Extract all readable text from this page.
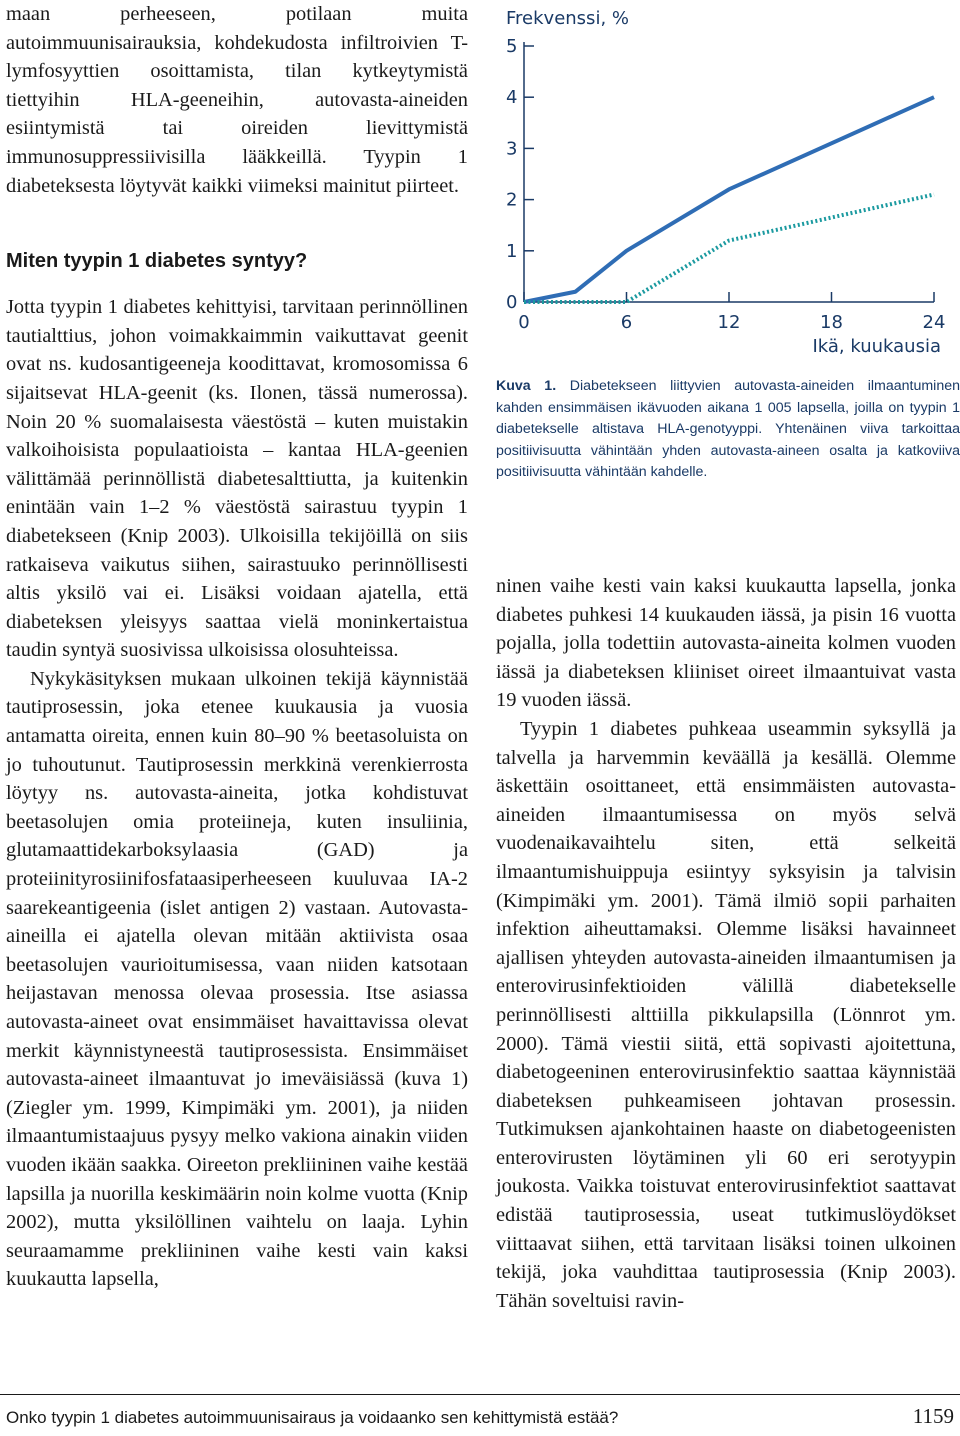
maan perheeseen, potilaan muita autoimmuunisairauksia, kohdekudosta infiltroivien T-lymfosyyttien osoittamista, tilan kytkeytymistä tiettyihin HLA-geeneihin, autovasta-aineiden esiintymistä tai oireiden lievittymistä immunosuppressiivisilla lääkkeillä. Tyypin 1 diabeteksesta löytyvät kaikki viimeksi mainitut piirteet.

Miten tyypin 1 diabetes syntyy?

Jotta tyypin 1 diabetes kehittyisi, tarvitaan perinnöllinen tautialttius, johon voimakkaimmin vaikuttavat geenit ovat ns. kudosantigeeneja koodittavat, kromosomissa 6 sijaitsevat HLA-geenit (ks. Ilonen, tässä numerossa). Noin 20 % suomalaisesta väestöstä – kuten muistakin valkoihoisista populaatioista – kantaa HLA-geenien välittämää perinnöllistä diabetesalttiutta, ja kuitenkin enintään vain 1–2 % väestöstä sairastuu tyypin 1 diabetekseen (Knip 2003). Ulkoisilla tekijöillä on siis ratkaiseva vaikutus siihen, sairastuuko perinnöllisesti altis yksilö vai ei. Lisäksi voidaan ajatella, että diabeteksen yleisyys saattaa vielä moninkertaistua taudin syntyä suosivissa ulkoisissa olosuhteissa.

Nykykäsityksen mukaan ulkoinen tekijä käynnistää tautiprosessin, joka etenee kuukausia ja vuosia antamatta oireita, ennen kuin 80–90 % beetasoluista on jo tuhoutunut. Tautiprosessin merkkinä verenkierrosta löytyy ns. autovasta-aineita, jotka kohdistuvat beetasolujen omia proteiineja, kuten insuliinia, glutamaattidekarboksylaasia (GAD) ja proteiinityrosiinifosfataasiperheeseen kuuluvaa IA-2 saarekeantigeenia (islet antigen 2) vastaan. Autovasta-aineilla ei ajatella olevan mitään aktiivista osaa beetasolujen vaurioitumisessa, vaan niiden katsotaan heijastavan menossa olevaa prosessia. Itse asiassa autovasta-aineet ovat ensimmäiset havaittavissa olevat merkit käynnistyneestä tautiprosessista. Ensimmäiset autovasta-aineet ilmaantuvat jo imeväisiässä (kuva 1) (Ziegler ym. 1999, Kimpimäki ym. 2001), ja niiden ilmaantumistaajuus pysyy melko vakiona ainakin viiden vuoden ikään saakka. Oireeton prekliininen vaihe kestää lapsilla ja nuorilla keskimäärin noin kolme vuotta (Knip 2002), mutta yksilöllinen vaihtelu on laaja. Lyhin seuraamamme prekliininen vaihe kesti vain kaksi kuukautta lapsella,

0
1
2
3
4
5
0	6	12	18	24
Frekvenssi, %
Ikä, kuukausia

Kuva 1. Diabetekseen liittyvien autovasta-aineiden ilmaantuminen kahden ensimmäisen ikävuoden aikana 1 005 lapsella, joilla on tyypin 1 diabetekselle altistava HLA-genotyyppi. Yhtenäinen viiva tarkoittaa positiivisuutta vähintään yhden autovasta-aineen osalta ja katkoviiva positiivisuutta vähintään kahdelle.

ninen vaihe kesti vain kaksi kuukautta lapsella, jonka diabetes puhkesi 14 kuukauden iässä, ja pisin 16 vuotta pojalla, jolla todettiin autovasta-aineita kolmen vuoden iässä ja diabeteksen kliiniset oireet ilmaantuivat vasta 19 vuoden iässä.

Tyypin 1 diabetes puhkeaa useammin syksyllä ja talvella ja harvemmin keväällä ja kesällä. Olemme äskettäin osoittaneet, että ensimmäisten autovasta-aineiden ilmaantumisessa on myös selvä vuodenaikavaihtelu siten, että selkeitä ilmaantumishuippuja esiintyy syksyisin ja talvisin (Kimpimäki ym. 2001). Tämä ilmiö sopii parhaiten infektion aiheuttamaksi. Olemme lisäksi havainneet ajallisen yhteyden autovasta-aineiden ilmaantumisen ja enterovirusinfektioiden välillä diabetekselle perinnöllisesti alttiilla pikkulapsilla (Lönnrot ym. 2000). Tämä viestii siitä, että sopivasti ajoitettuna, diabetogeeninen enterovirusinfektio saattaa käynnistää diabeteksen puhkeamiseen johtavan prosessin. Tutkimuksen ajankohtainen haaste on diabetogeenisten enterovirusten löytäminen yli 60 eri serotyypin joukosta. Vaikka toistuvat enterovirusinfektiot saattavat edistää tautiprosessia, useat tutkimuslöydökset viittaavat siihen, että tarvitaan lisäksi toinen ulkoinen tekijä, joka vauhdittaa tautiprosessia (Knip 2003). Tähän soveltuisi ravin-

Onko tyypin 1 diabetes autoimmuunisairaus ja voidaanko sen kehittymistä estää?	1159
